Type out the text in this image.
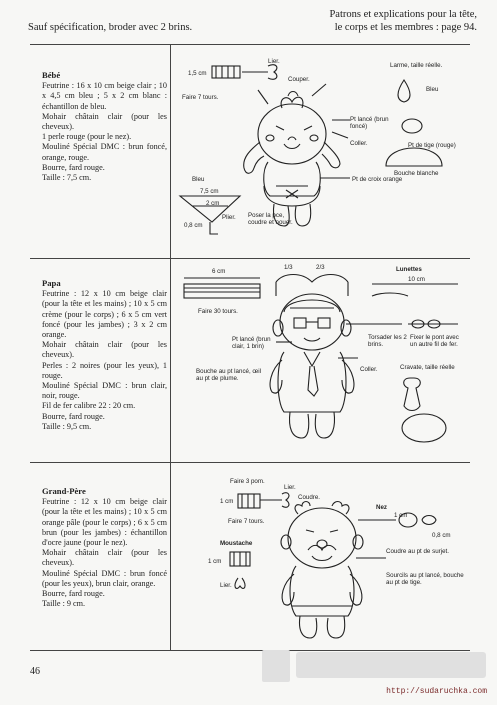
Sauf spécification, broder avec 2 brins.
Patrons et explications pour la tête,
le corps et les membres : page 94.
Bébé
Feutrine : 16 x 10 cm beige clair ; 10 x 4,5 cm bleu ; 5 x 2 cm blanc : échantillon de bleu.
Mohair châtain clair (pour les cheveux).
1 perle rouge (pour le nez).
Mouliné Spécial DMC : brun foncé, orange, rouge.
Bourre, fard rouge.
Taille : 7,5 cm.
Papa
Feutrine : 12 x 10 cm beige clair (pour la tête et les mains) ; 10 x 5 cm crème (pour le corps) ; 6 x 5 cm vert foncé (pour les jambes) ; 3 x 2 cm orange.
Mohair châtain clair (pour les cheveux).
Perles : 2 noires (pour les yeux), 1 rouge.
Mouliné Spécial DMC : brun clair, noir, rouge.
Fil de fer calibre 22 : 20 cm.
Bourre, fard rouge.
Taille : 9,5 cm.
Grand-Père
Feutrine : 12 x 10 cm beige clair (pour la tête et les mains) ; 10 x 5 cm orange pâle (pour le corps) ; 6 x 5 cm brun (pour les jambes) : échantillon d'ocre jaune (pour le nez).
Mohair châtain clair (pour les cheveux).
Mouliné Spécial DMC : brun foncé (pour les yeux), brun clair, orange.
Bourre, fard rouge.
Taille : 9 cm.
1,5 cm
Lier.
Couper.
Faire 7 tours.
Pt lancé (brun foncé)
Coller.
Larme, taille réelle.
Bleu
Pt de tige (rouge)
Bouche blanche
Bleu
7,5 cm
2 cm
0,8 cm
Plier. Poser la pce, coudre et nouer.
Pt de croix orange
6 cm
1/3	2/3	Lunettes
10 cm
Faire 30 tours.
Pt lancé (brun clair, 1 brin)
Torsader les 2 brins.
Fixer le pont avec un autre fil de fer.
Coller.
Bouche au pt lancé, œil au pt de plume.
Cravate, taille réelle
Faire 3 pom.
Lier.
Coudre.
1 cm
Faire 7 tours.
1 cm
Moustache
Lier.
Nez
1 cm
0,8 cm
Coudre au pt de surjet.
Sourcils au pt lancé, bouche au pt de tige.
46
http://sudaruchka.com
